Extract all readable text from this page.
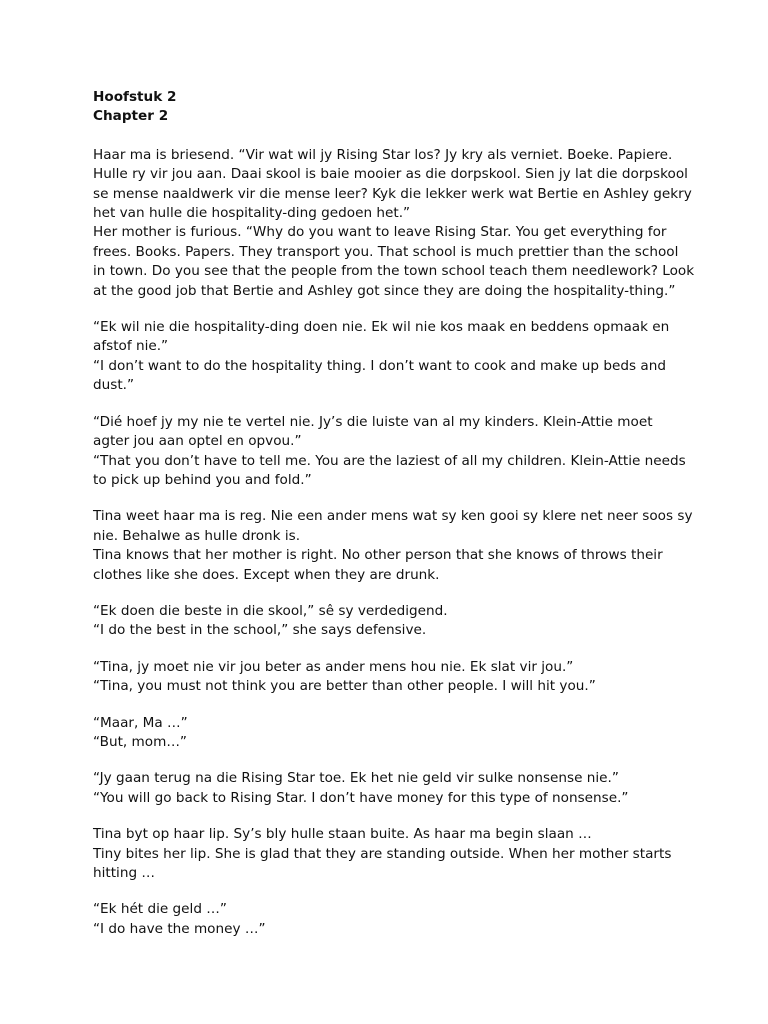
Hoofstuk 2

Chapter 2

Haar ma is briesend. “Vir wat wil jy Rising Star los? Jy kry als verniet. Boeke. Papiere.

Hulle ry vir jou aan. Daai skool is baie mooier as die dorpskool. Sien jy lat die dorpskool

se mense naaldwerk vir die mense leer? Kyk die lekker werk wat Bertie en Ashley gekry

het van hulle die hospitality-ding gedoen het.”

Her mother is furious. “Why do you want to leave Rising Star. You get everything for

frees. Books. Papers. They transport you. That school is much prettier than the school

in town. Do you see that the people from the town school teach them needlework? Look

at the good job that Bertie and Ashley got since they are doing the hospitality-thing.”

“Ek wil nie die hospitality-ding doen nie. Ek wil nie kos maak en beddens opmaak en

afstof nie.”

“I don’t want to do the hospitality thing. I don’t want to cook and make up beds and

dust.”

“Dié hoef jy my nie te vertel nie. Jy’s die luiste van al my kinders. Klein-Attie moet

agter jou aan optel en opvou.”

“That you don’t have to tell me. You are the laziest of all my children. Klein-Attie needs

to pick up behind you and fold.”

Tina weet haar ma is reg. Nie een ander mens wat sy ken gooi sy klere net neer soos sy

nie. Behalwe as hulle dronk is.

Tina knows that her mother is right. No other person that she knows of throws their

clothes like she does. Except when they are drunk.

“Ek doen die beste in die skool,” sê sy verdedigend.

“I do the best in the school,” she says defensive.

“Tina, jy moet nie vir jou beter as ander mens hou nie. Ek slat vir jou.”

“Tina, you must not think you are better than other people. I will hit you.”

“Maar, Ma …”

“But, mom…”

“Jy gaan terug na die Rising Star toe. Ek het nie geld vir sulke nonsense nie.”

“You will go back to Rising Star. I don’t have money for this type of nonsense.”

Tina byt op haar lip. Sy’s bly hulle staan buite. As haar ma begin slaan …

Tiny bites her lip. She is glad that they are standing outside. When her mother starts

hitting …

“Ek hét die geld …”

“I do have the money …”
